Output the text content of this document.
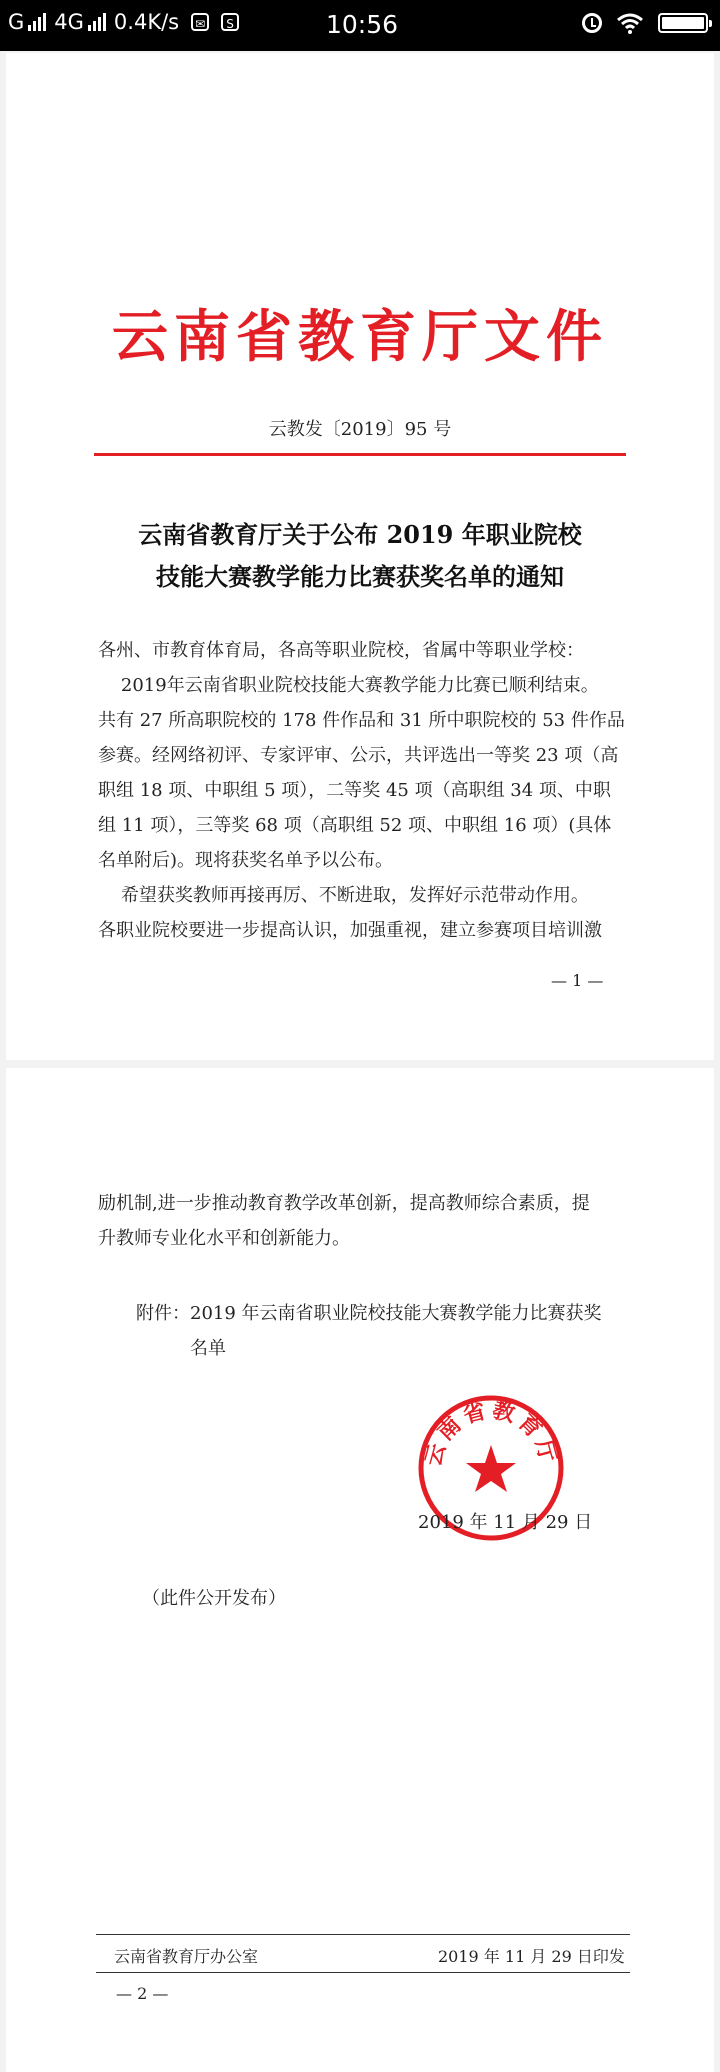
G 4G 0.4K/s	✉	S	10:56
云南省教育厅文件
云教发〔2019〕95 号
云南省教育厅关于公布 2019 年职业院校
技能大赛教学能力比赛获奖名单的通知
各州、市教育体育局，各高等职业院校，省属中等职业学校：
2019年云南省职业院校技能大赛教学能力比赛已顺利结束。
共有 27 所高职院校的 178 件作品和 31 所中职院校的 53 件作品
参赛。经网络初评、专家评审、公示，共评选出一等奖 23 项（高
职组 18 项、中职组 5 项），二等奖 45 项（高职组 34 项、中职
组 11 项），三等奖 68 项（高职组 52 项、中职组 16 项）(具体
名单附后)。现将获奖名单予以公布。
希望获奖教师再接再厉、不断进取，发挥好示范带动作用。
各职业院校要进一步提高认识，加强重视，建立参赛项目培训激
— 1 —
励机制,进一步推动教育教学改革创新，提高教师综合素质，提
升教师专业化水平和创新能力。
附件：2019 年云南省职业院校技能大赛教学能力比赛获奖
名单
云南省教育厅
2019 年 11 月 29 日
（此件公开发布）
云南省教育厅办公室	2019 年 11 月 29 日印发
— 2 —
